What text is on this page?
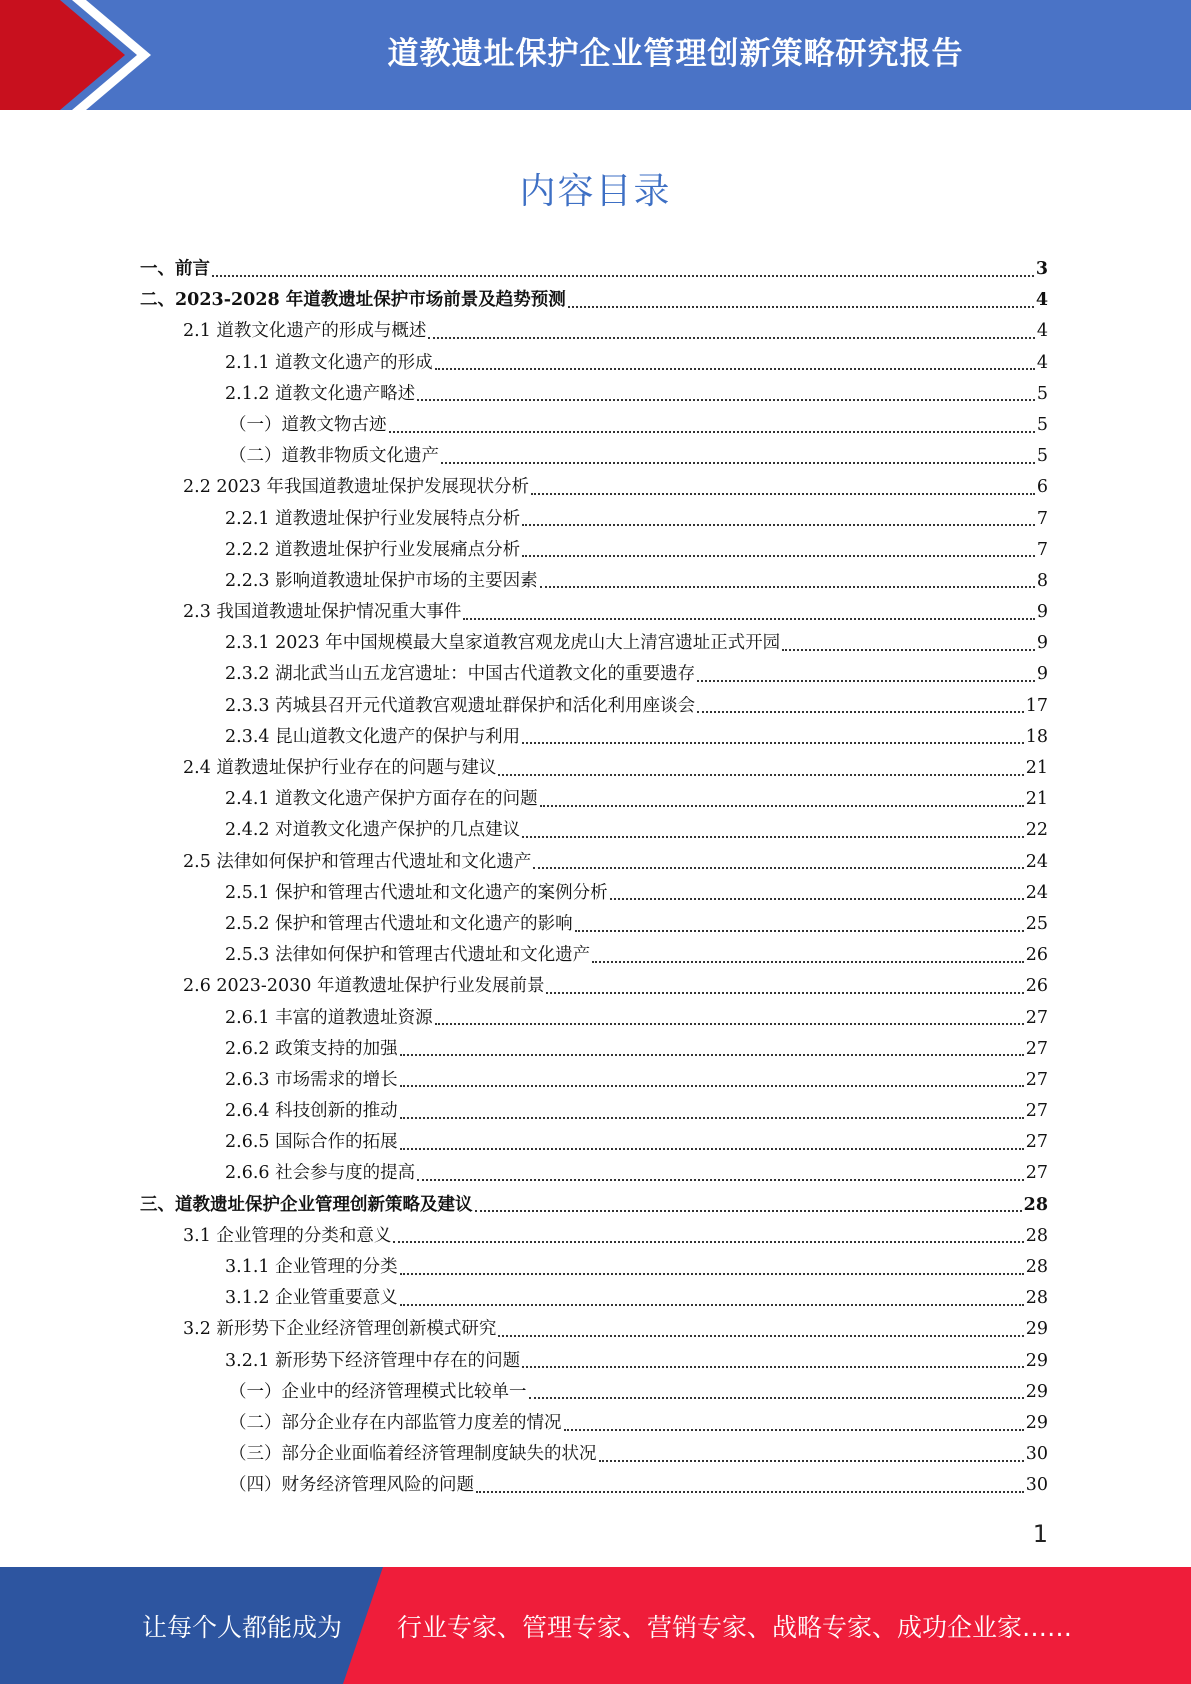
道教遗址保护企业管理创新策略研究报告
内容目录
一、前言	3
二、2023-2028 年道教遗址保护市场前景及趋势预测	4
2.1 道教文化遗产的形成与概述	4
2.1.1 道教文化遗产的形成	4
2.1.2 道教文化遗产略述	5
（一）道教文物古迹	5
（二）道教非物质文化遗产	5
2.2 2023 年我国道教遗址保护发展现状分析	6
2.2.1 道教遗址保护行业发展特点分析	7
2.2.2 道教遗址保护行业发展痛点分析	7
2.2.3 影响道教遗址保护市场的主要因素	8
2.3 我国道教遗址保护情况重大事件	9
2.3.1 2023 年中国规模最大皇家道教宫观龙虎山大上清宫遗址正式开园	9
2.3.2 湖北武当山五龙宫遗址：中国古代道教文化的重要遗存	9
2.3.3 芮城县召开元代道教宫观遗址群保护和活化利用座谈会	17
2.3.4 昆山道教文化遗产的保护与利用	18
2.4 道教遗址保护行业存在的问题与建议	21
2.4.1 道教文化遗产保护方面存在的问题	21
2.4.2 对道教文化遗产保护的几点建议	22
2.5 法律如何保护和管理古代遗址和文化遗产	24
2.5.1 保护和管理古代遗址和文化遗产的案例分析	24
2.5.2 保护和管理古代遗址和文化遗产的影响	25
2.5.3 法律如何保护和管理古代遗址和文化遗产	26
2.6 2023-2030 年道教遗址保护行业发展前景	26
2.6.1 丰富的道教遗址资源	27
2.6.2 政策支持的加强	27
2.6.3 市场需求的增长	27
2.6.4 科技创新的推动	27
2.6.5 国际合作的拓展	27
2.6.6 社会参与度的提高	27
三、道教遗址保护企业管理创新策略及建议	28
3.1 企业管理的分类和意义	28
3.1.1 企业管理的分类	28
3.1.2 企业管重要意义	28
3.2 新形势下企业经济管理创新模式研究	29
3.2.1 新形势下经济管理中存在的问题	29
（一）企业中的经济管理模式比较单一	29
（二）部分企业存在内部监管力度差的情况	29
（三）部分企业面临着经济管理制度缺失的状况	30
（四）财务经济管理风险的问题	30
1
让每个人都能成为 行业专家、管理专家、营销专家、战略专家、成功企业家……
